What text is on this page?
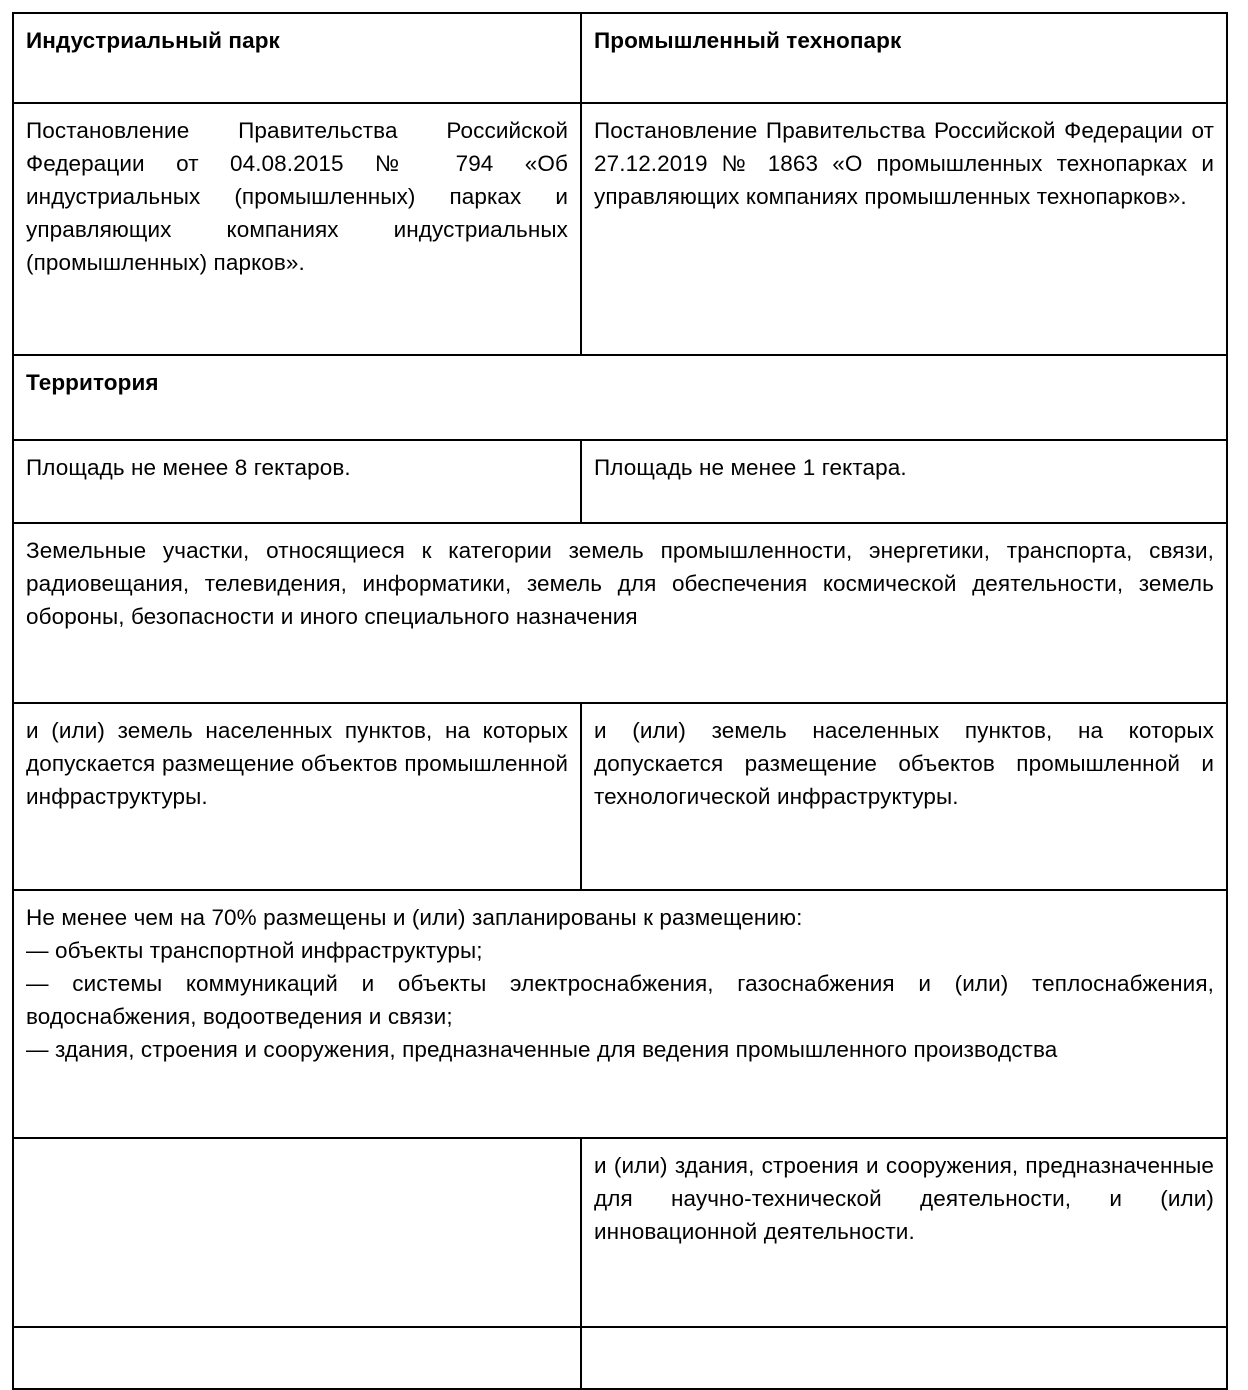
Индустриальный парк	Промышленный технопарк
Постановление Правительства Российской Федерации от 04.08.2015 № 794 «Об индустриальных (промышленных) парках и управляющих компаниях индустриальных (промышленных) парков».	Постановление Правительства Российской Федерации от 27.12.2019 № 1863 «О промышленных технопарках и управляющих компаниях промышленных технопарков».
Территория	
Площадь не менее 8 гектаров.	Площадь не менее 1 гектара.
Земельные участки, относящиеся к категории земель промышленности, энергетики, транспорта, связи, радиовещания, телевидения, информатики, земель для обеспечения космической деятельности, земель обороны, безопасности и иного специального назначения	
и (или) земель населенных пунктов, на которых допускается размещение объектов промышленной инфраструктуры.	и (или) земель населенных пунктов, на которых допускается размещение объектов промышленной и технологической инфраструктуры.

Не менее чем на 70% размещены и (или) запланированы к размещению:

— объекты транспортной инфраструктуры;

— системы коммуникаций и объекты электроснабжения, газоснабжения и (или) теплоснабжения, водоснабжения, водоотведения и связи;

— здания, строения и сооружения, предназначенные для ведения промышленного производства	

	и (или) здания, строения и сооружения, предназначенные для научно-технической деятельности, и (или) инновационной деятельности.
